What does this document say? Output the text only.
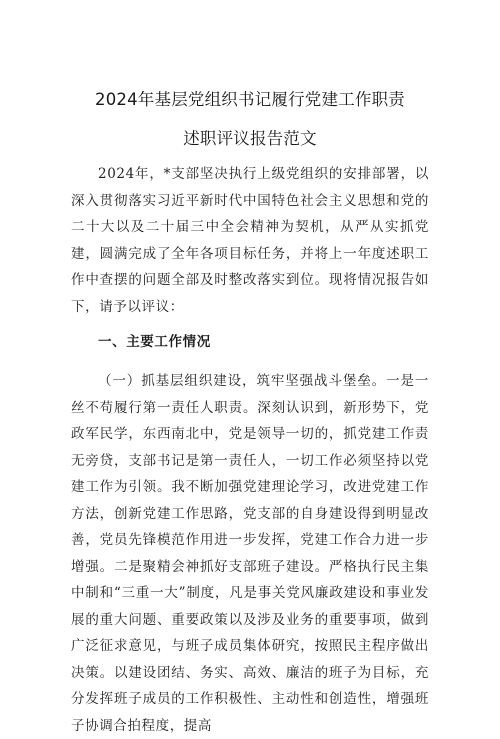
2024年基层党组织书记履行党建工作职责
述职评议报告范文

2024年，*支部坚决执行上级党组织的安排部署，以深入贯彻落实习近平新时代中国特色社会主义思想和党的二十大以及二十届三中全会精神为契机，从严从实抓党建，圆满完成了全年各项目标任务，并将上一年度述职工作中查摆的问题全部及时整改落实到位。现将情况报告如下，请予以评议：

一、主要工作情况

（一）抓基层组织建设，筑牢坚强战斗堡垒。一是一丝不苟履行第一责任人职责。深刻认识到，新形势下，党政军民学，东西南北中，党是领导一切的，抓党建工作责无旁贷，支部书记是第一责任人，一切工作必须坚持以党建工作为引领。我不断加强党建理论学习，改进党建工作方法，创新党建工作思路，党支部的自身建设得到明显改善，党员先锋模范作用进一步发挥，党建工作合力进一步增强。二是聚精会神抓好支部班子建设。严格执行民主集中制和“三重一大”制度，凡是事关党风廉政建设和事业发展的重大问题、重要政策以及涉及业务的重要事项，做到广泛征求意见，与班子成员集体研究，按照民主程序做出决策。以建设团结、务实、高效、廉洁的班子为目标，充分发挥班子成员的工作积极性、主动性和创造性，增强班子协调合拍程度，提高
